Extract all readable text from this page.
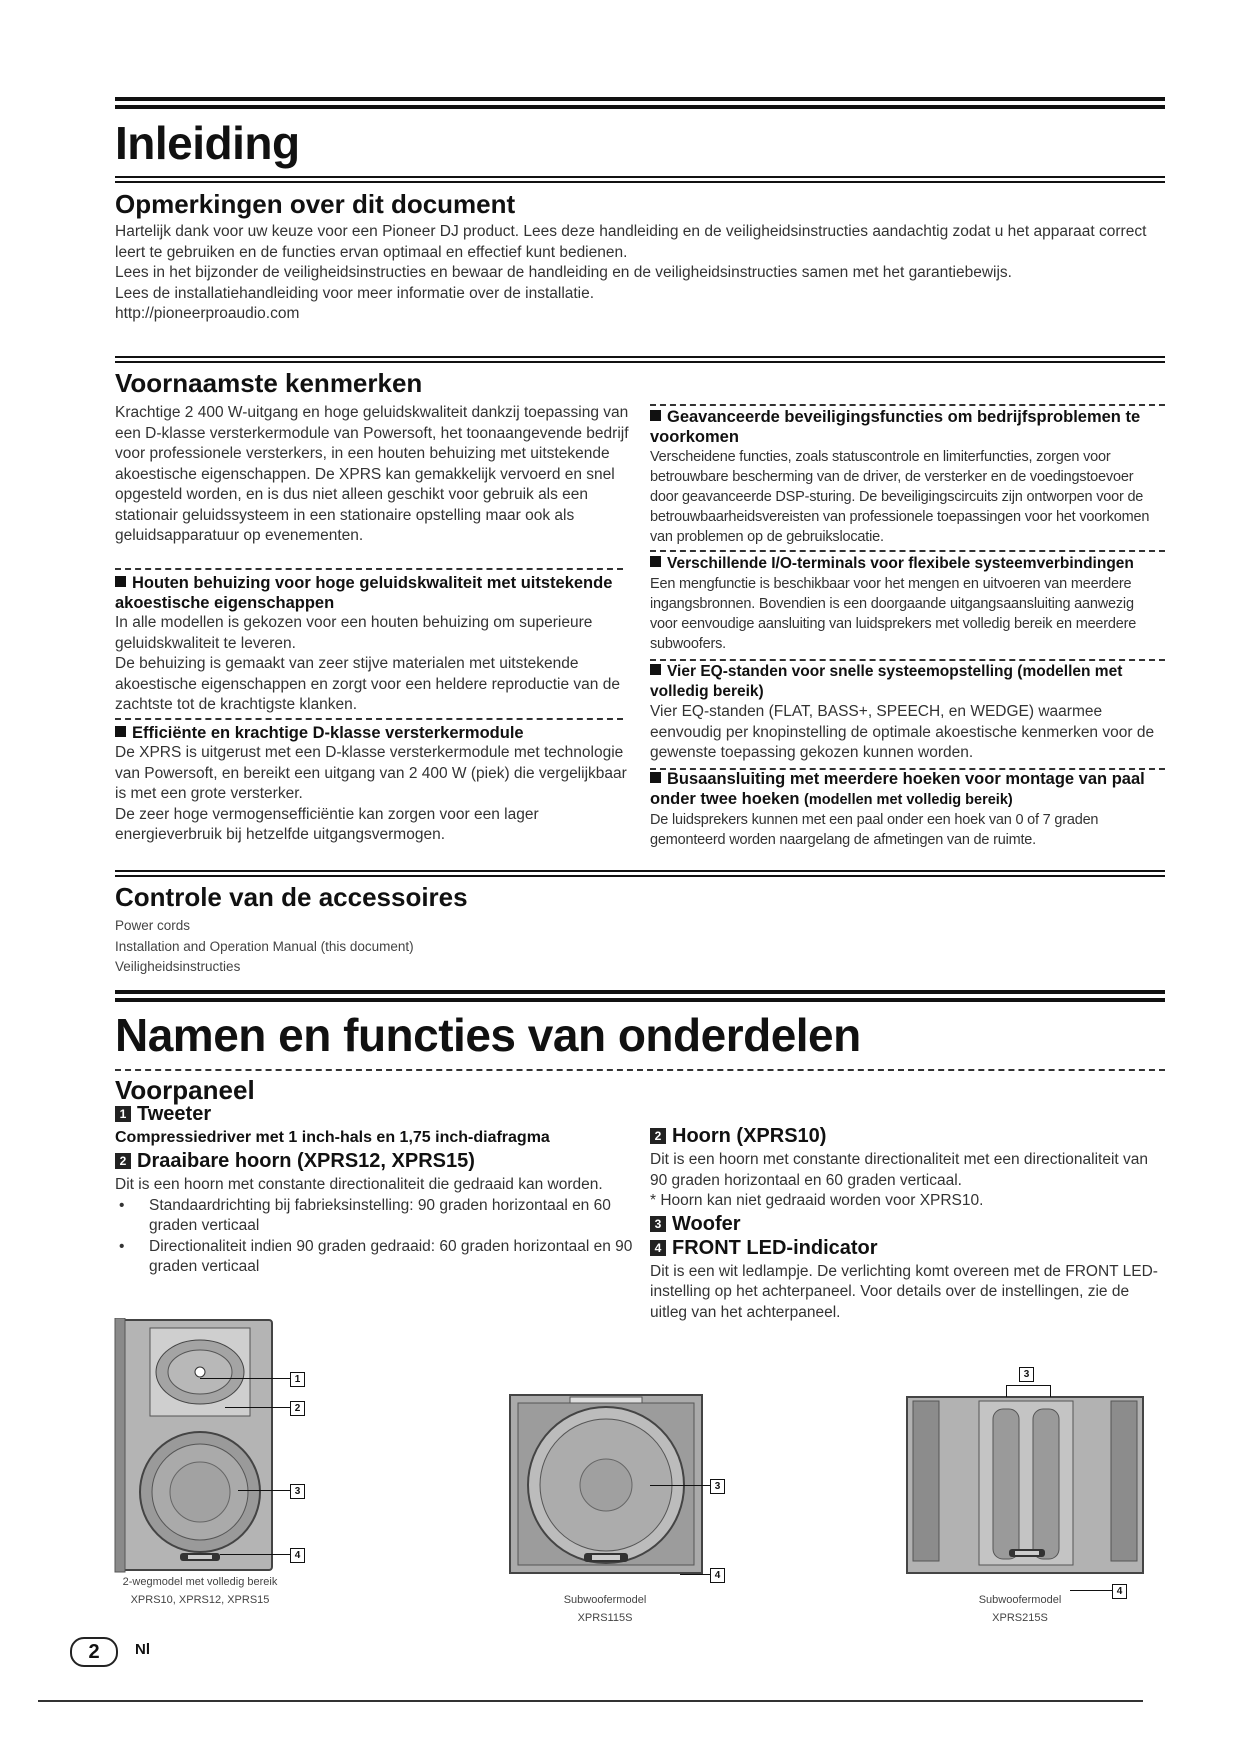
Inleiding
Opmerkingen over dit document

Hartelijk dank voor uw keuze voor een Pioneer DJ product. Lees deze handleiding en de veiligheidsinstructies aandachtig zodat u het apparaat correct leert te gebruiken en de functies ervan optimaal en effectief kunt bedienen.

Lees in het bijzonder de veiligheidsinstructies en bewaar de handleiding en de veiligheidsinstructies samen met het garantiebewijs.

Lees de installatiehandleiding voor meer informatie over de installatie.

http://pioneerproaudio.com

Voornaamste kenmerken
Krachtige 2 400 W-uitgang en hoge geluidskwaliteit dankzij toepassing van een D-klasse versterkermodule van Powersoft, het toonaangevende bedrijf voor professionele versterkers, in een houten behuizing met uitstekende akoestische eigenschappen. De XPRS kan gemakkelijk vervoerd en snel opgesteld worden, en is dus niet alleen geschikt voor gebruik als een stationair geluidssysteem in een stationaire opstelling maar ook als geluidsapparatuur op evenementen.
Houten behuizing voor hoge geluidskwaliteit met uitstekende akoestische eigenschappen
In alle modellen is gekozen voor een houten behuizing om superieure geluidskwaliteit te leveren.
De behuizing is gemaakt van zeer stijve materialen met uitstekende akoestische eigenschappen en zorgt voor een heldere reproductie van de zachtste tot de krachtigste klanken.
Efficiënte en krachtige D-klasse versterkermodule
De XPRS is uitgerust met een D-klasse versterkermodule met technologie van Powersoft, en bereikt een uitgang van 2 400 W (piek) die vergelijkbaar is met een grote versterker.
De zeer hoge vermogensefficiëntie kan zorgen voor een lager energieverbruik bij hetzelfde uitgangsvermogen.
Geavanceerde beveiligingsfuncties om bedrijfsproblemen te voorkomen
Verscheidene functies, zoals statuscontrole en limiterfuncties, zorgen voor betrouwbare bescherming van de driver, de versterker en de voedingstoevoer door geavanceerde DSP-sturing. De beveiligingscircuits zijn ontworpen voor de betrouwbaarheidsvereisten van professionele toepassingen voor het voorkomen van problemen op de gebruikslocatie.
Verschillende I/O-terminals voor flexibele systeemverbindingen
Een mengfunctie is beschikbaar voor het mengen en uitvoeren van meerdere ingangsbronnen. Bovendien is een doorgaande uitgangsaansluiting aanwezig voor eenvoudige aansluiting van luidsprekers met volledig bereik en meerdere subwoofers.
Vier EQ-standen voor snelle systeemopstelling (modellen met volledig bereik)
Vier EQ-standen (FLAT, BASS+, SPEECH, en WEDGE) waarmee eenvoudig per knopinstelling de optimale akoestische kenmerken voor de gewenste toepassing gekozen kunnen worden.
Busaansluiting met meerdere hoeken voor montage van paal onder twee hoeken (modellen met volledig bereik)
De luidsprekers kunnen met een paal onder een hoek van 0 of 7 graden gemonteerd worden naargelang de afmetingen van de ruimte.
Controle van de accessoires
Power cords
Installation and Operation Manual (this document)
Veiligheidsinstructies
Namen en functies van onderdelen
Voorpaneel
1 Tweeter
Compressiedriver met 1 inch-hals en 1,75 inch-diafragma
2 Draaibare hoorn (XPRS12, XPRS15)
Dit is een hoorn met constante directionaliteit die gedraaid kan worden.
• Standaardrichting bij fabrieksinstelling: 90 graden horizontaal en 60 graden verticaal
• Directionaliteit indien 90 graden gedraaid: 60 graden horizontaal en 90 graden verticaal
2 Hoorn (XPRS10)
Dit is een hoorn met constante directionaliteit met een directionaliteit van 90 graden horizontaal en 60 graden verticaal.
* Hoorn kan niet gedraaid worden voor XPRS10.
3 Woofer
4 FRONT LED-indicator
Dit is een wit ledlampje. De verlichting komt overeen met de FRONT LED-instelling op het achterpaneel. Voor details over de instellingen, zie de uitleg van het achterpaneel.
1
2
3
4
2-wegmodel met volledig bereik
XPRS10, XPRS12, XPRS15
3
4
Subwoofermodel
XPRS115S
3
4
Subwoofermodel
XPRS215S
2	Nl
